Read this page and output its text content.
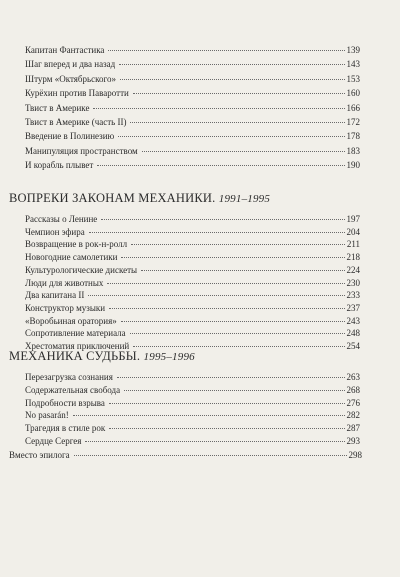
Капитан Фантастика	139
Шаг вперед и два назад	143
Штурм «Октябрьского»	153
Курёхин против Паваротти	160
Твист в Америке	166
Твист в Америке (часть II)	172
Введение в Полинезию	178
Манипуляция пространством	183
И корабль плывет	190
ВОПРЕКИ ЗАКОНАМ МЕХАНИКИ. 1991–1995
Рассказы о Ленине	197
Чемпион эфира	204
Возвращение в рок-н-ролл	211
Новогодние самолетики	218
Культурологические дискеты	224
Люди для животных	230
Два капитана II	233
Конструктор музыки	237
«Воробьиная оратория»	243
Сопротивление материала	248
Хрестоматия приключений	254
МЕХАНИКА СУДЬБЫ. 1995–1996
Перезагрузка сознания	263
Содержательная свобода	268
Подробности взрыва	276
No pasarán!	282
Трагедия в стиле рок	287
Сердце Сергея	293
Вместо эпилога	298
